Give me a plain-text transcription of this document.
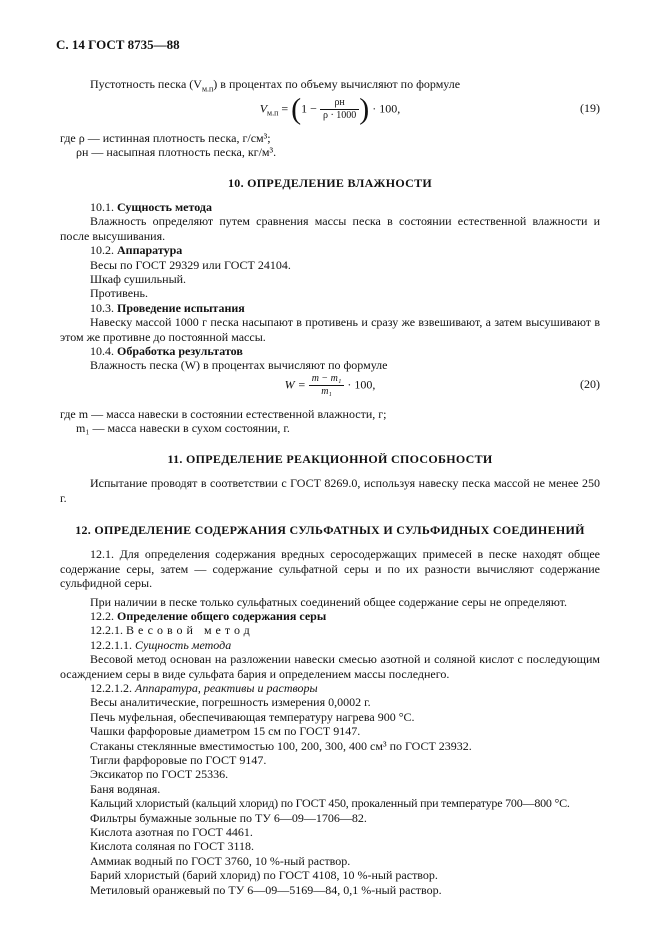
С. 14 ГОСТ 8735—88

Пустотность песка $(V_{м.п})$ в процентах по объему вычисляют по формуле

$V_{м.п} = (1 - \frac{\rho н}{\rho \cdot 1000}$ ) · 100,	(19)

где ρ — истинная плотность песка, г/см³;

ρн — насыпная плотность песка, кг/м³.

10. ОПРЕДЕЛЕНИЕ ВЛАЖНОСТИ

10.1. Сущность метода

Влажность определяют путем сравнения массы песка в состоянии естественной влажности и после высушивания.

10.2. Аппаратура

Весы по ГОСТ 29329 или ГОСТ 24104.

Шкаф сушильный.

Противень.

10.3. Проведение испытания

Навеску массой 1000 г песка насыпают в противень и сразу же взвешивают, а затем высушивают в этом же противне до постоянной массы.

10.4. Обработка результатов

Влажность песка (W) в процентах вычисляют по формуле

$W = \frac{\text{m − m₁}}{\text{m₁}} \cdot 100$,	(20)

где m — масса навески в состоянии естественной влажности, г;

m₁ — масса навески в сухом состоянии, г.

11. ОПРЕДЕЛЕНИЕ РЕАКЦИОННОЙ СПОСОБНОСТИ

Испытание проводят в соответствии с ГОСТ 8269.0, используя навеску песка массой не менее 250 г.

12. ОПРЕДЕЛЕНИЕ СОДЕРЖАНИЯ СУЛЬФАТНЫХ И СУЛЬФИДНЫХ СОЕДИНЕНИЙ

12.1. Для определения содержания вредных серосодержащих примесей в песке находят общее содержание серы, затем — содержание сульфатной серы и по их разности вычисляют содержание сульфидной серы.

При наличии в песке только сульфатных соединений общее содержание серы не определяют.

12.2. Определение общего содержания серы

12.2.1. Весовой метод

12.2.1.1. Сущность метода

Весовой метод основан на разложении навески смесью азотной и соляной кислот с последующим осаждением серы в виде сульфата бария и определением массы последнего.

12.2.1.2. Аппаратура, реактивы и растворы

Весы аналитические, погрешность измерения 0,0002 г.

Печь муфельная, обеспечивающая температуру нагрева 900 °С.

Чашки фарфоровые диаметром 15 см по ГОСТ 9147.

Стаканы стеклянные вместимостью 100, 200, 300, 400 см³ по ГОСТ 23932.

Тигли фарфоровые по ГОСТ 9147.

Эксикатор по ГОСТ 25336.

Баня водяная.

Кальций хлористый (кальций хлорид) по ГОСТ 450, прокаленный при температуре 700—800 °С.

Фильтры бумажные зольные по ТУ 6—09—1706—82.

Кислота азотная по ГОСТ 4461.

Кислота соляная по ГОСТ 3118.

Аммиак водный по ГОСТ 3760, 10 %-ный раствор.

Барий хлористый (барий хлорид) по ГОСТ 4108, 10 %-ный раствор.

Метиловый оранжевый по ТУ 6—09—5169—84, 0,1 %-ный раствор.
